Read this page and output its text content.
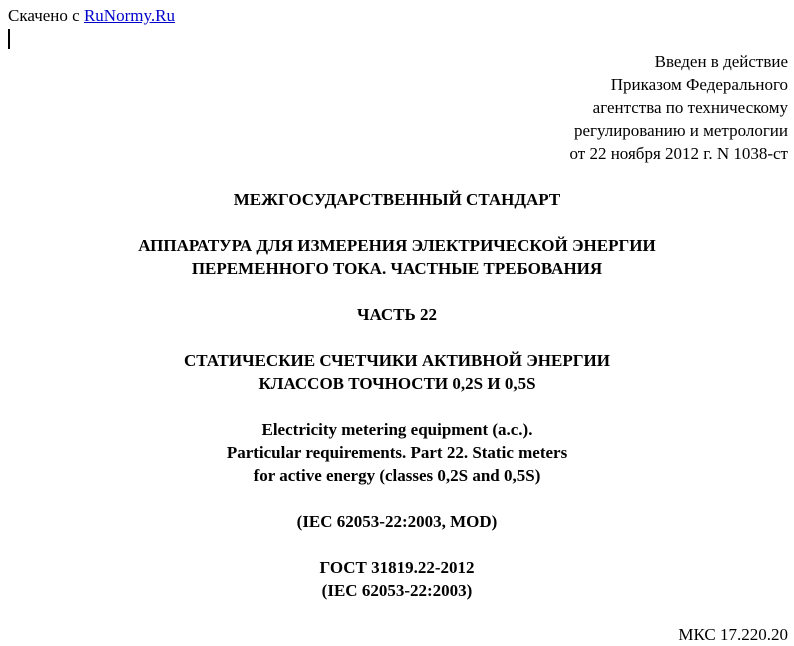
Скачено с RuNormy.Ru
Введен в действие
Приказом Федерального
агентства по техническому
регулированию и метрологии
от 22 ноября 2012 г. N 1038-ст
МЕЖГОСУДАРСТВЕННЫЙ СТАНДАРТ
АППАРАТУРА ДЛЯ ИЗМЕРЕНИЯ ЭЛЕКТРИЧЕСКОЙ ЭНЕРГИИ
ПЕРЕМЕННОГО ТОКА. ЧАСТНЫЕ ТРЕБОВАНИЯ
ЧАСТЬ 22
СТАТИЧЕСКИЕ СЧЕТЧИКИ АКТИВНОЙ ЭНЕРГИИ
КЛАССОВ ТОЧНОСТИ 0,2S И 0,5S
Electricity metering equipment (a.c.).
Particular requirements. Part 22. Static meters
for active energy (classes 0,2S and 0,5S)
(IEC 62053-22:2003, MOD)
ГОСТ 31819.22-2012
(IEC 62053-22:2003)
МКС 17.220.20
